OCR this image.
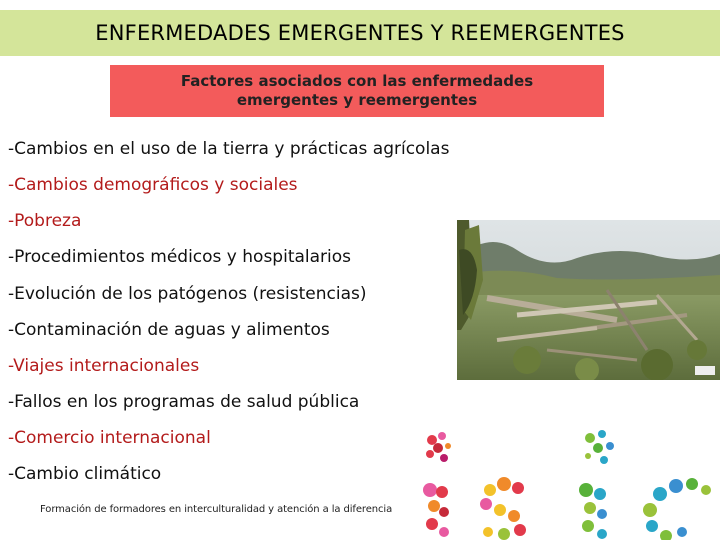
ENFERMEDADES EMERGENTES Y REEMERGENTES
Factores asociados con las enfermedades
emergentes y reemergentes
-Cambios en el uso de la tierra y prácticas agrícolas
-Cambios demográficos y sociales
-Pobreza
-Procedimientos médicos y hospitalarios
-Evolución de los patógenos (resistencias)
-Contaminación de aguas y alimentos
-Viajes internacionales
-Fallos en los programas de salud pública
-Comercio internacional
-Cambio climático
Formación de formadores en interculturalidad y atención a la diferencia
